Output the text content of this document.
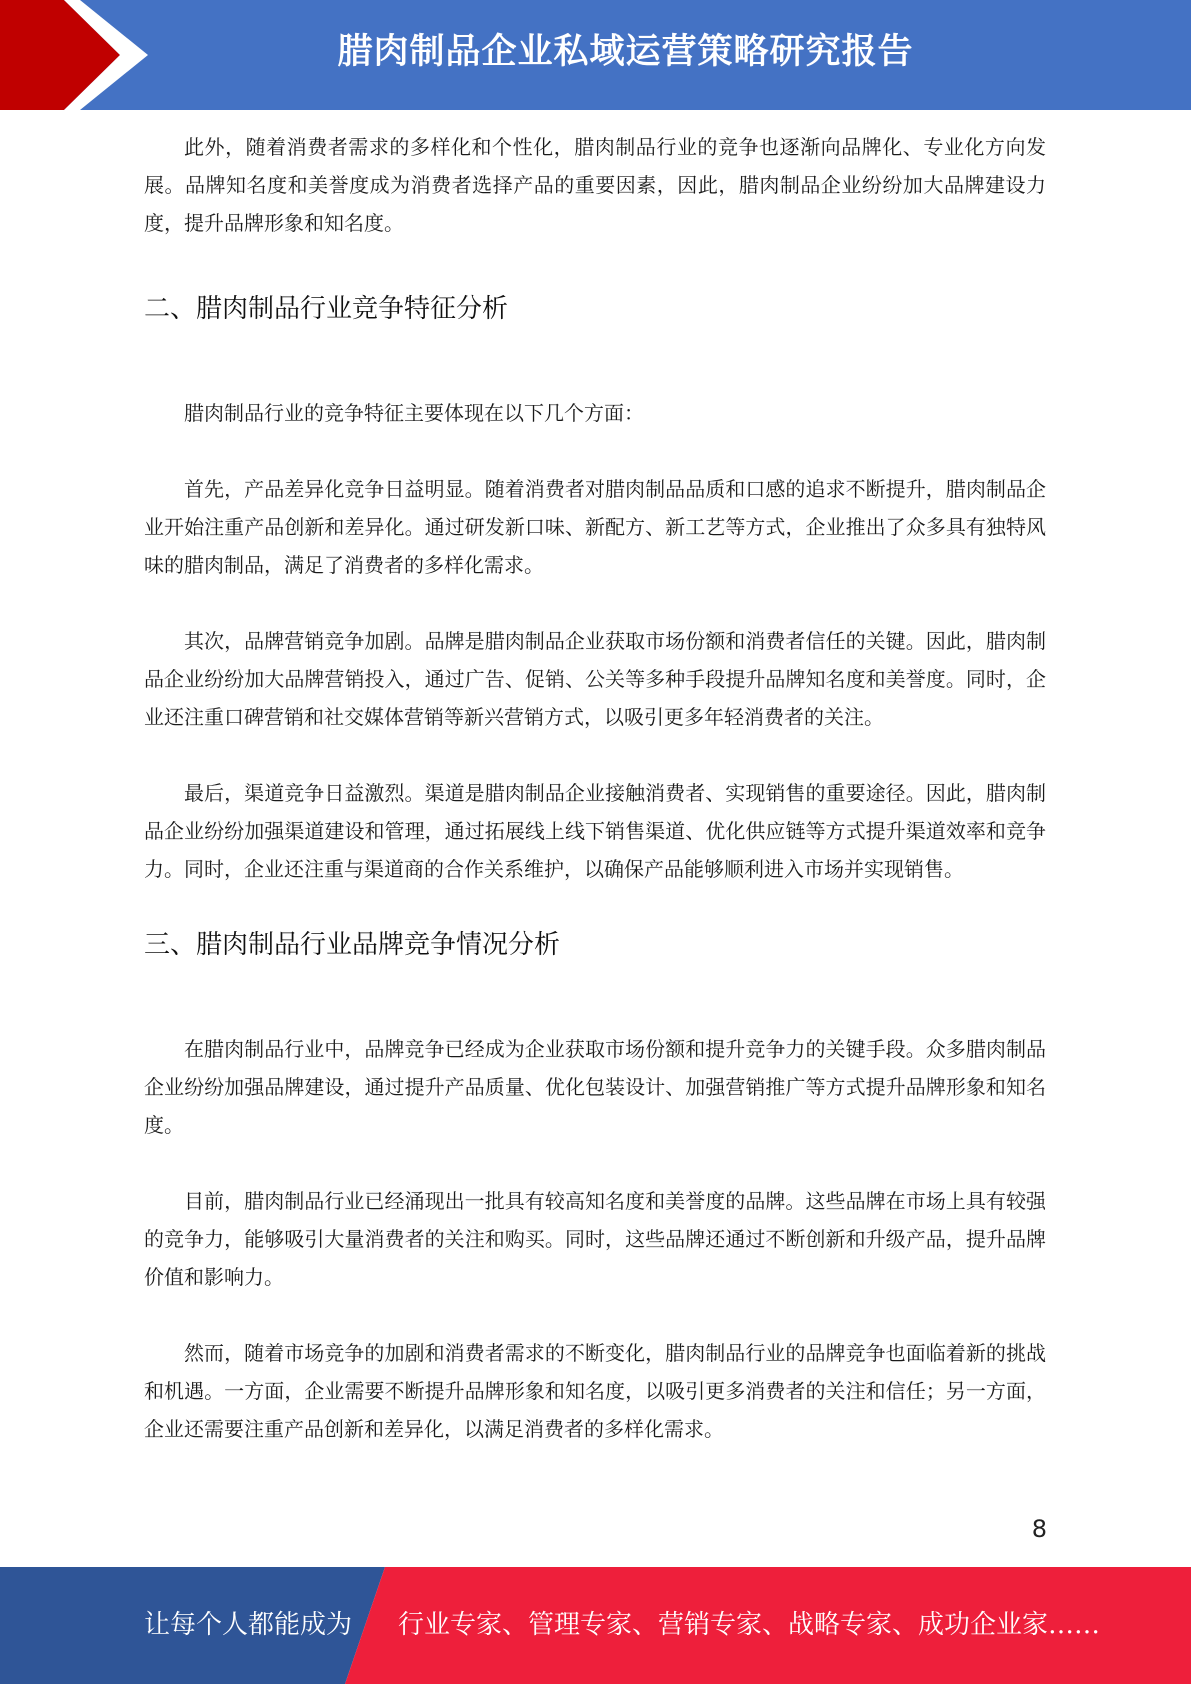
腊肉制品企业私域运营策略研究报告

此外，随着消费者需求的多样化和个性化，腊肉制品行业的竞争也逐渐向品牌化、专业化方向发展。品牌知名度和美誉度成为消费者选择产品的重要因素，因此，腊肉制品企业纷纷加大品牌建设力度，提升品牌形象和知名度。

二、腊肉制品行业竞争特征分析

腊肉制品行业的竞争特征主要体现在以下几个方面：

首先，产品差异化竞争日益明显。随着消费者对腊肉制品品质和口感的追求不断提升，腊肉制品企业开始注重产品创新和差异化。通过研发新口味、新配方、新工艺等方式，企业推出了众多具有独特风味的腊肉制品，满足了消费者的多样化需求。

其次，品牌营销竞争加剧。品牌是腊肉制品企业获取市场份额和消费者信任的关键。因此，腊肉制品企业纷纷加大品牌营销投入，通过广告、促销、公关等多种手段提升品牌知名度和美誉度。同时，企业还注重口碑营销和社交媒体营销等新兴营销方式，以吸引更多年轻消费者的关注。

最后，渠道竞争日益激烈。渠道是腊肉制品企业接触消费者、实现销售的重要途径。因此，腊肉制品企业纷纷加强渠道建设和管理，通过拓展线上线下销售渠道、优化供应链等方式提升渠道效率和竞争力。同时，企业还注重与渠道商的合作关系维护，以确保产品能够顺利进入市场并实现销售。

三、腊肉制品行业品牌竞争情况分析

在腊肉制品行业中，品牌竞争已经成为企业获取市场份额和提升竞争力的关键手段。众多腊肉制品企业纷纷加强品牌建设，通过提升产品质量、优化包装设计、加强营销推广等方式提升品牌形象和知名度。

目前，腊肉制品行业已经涌现出一批具有较高知名度和美誉度的品牌。这些品牌在市场上具有较强的竞争力，能够吸引大量消费者的关注和购买。同时，这些品牌还通过不断创新和升级产品，提升品牌价值和影响力。

然而，随着市场竞争的加剧和消费者需求的不断变化，腊肉制品行业的品牌竞争也面临着新的挑战和机遇。一方面，企业需要不断提升品牌形象和知名度，以吸引更多消费者的关注和信任；另一方面，企业还需要注重产品创新和差异化，以满足消费者的多样化需求。

8
让每个人都能成为 行业专家、管理专家、营销专家、战略专家、成功企业家……
